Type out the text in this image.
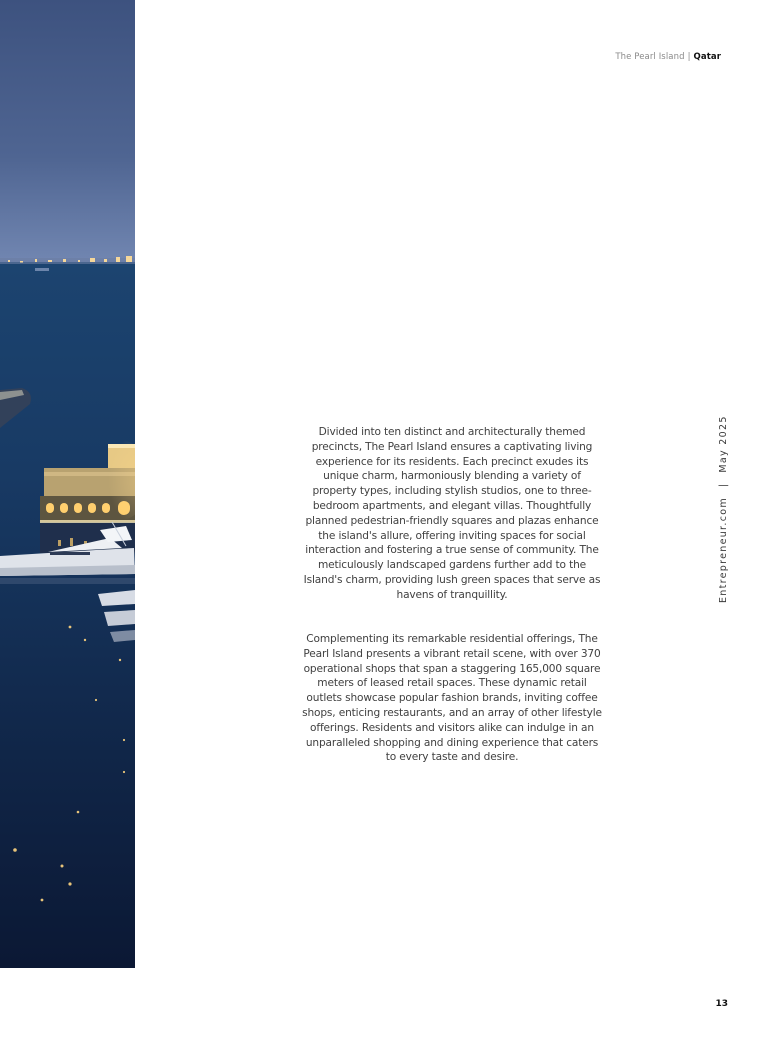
The Pearl Island | Qatar
Entrepreneur.com|May 2025

Divided into ten distinct and architecturally themed precincts, The Pearl Island ensures a captivating living experience for its residents. Each precinct exudes its unique charm, harmoniously blending a variety of property types, including stylish studios, one to three-bedroom apartments, and elegant villas. Thoughtfully planned pedestrian-friendly squares and plazas enhance the island's allure, offering inviting spaces for social interaction and fostering a true sense of community. The meticulously landscaped gardens further add to the Island's charm, providing lush green spaces that serve as havens of tranquillity.

Complementing its remarkable residential offerings, The Pearl Island presents a vibrant retail scene, with over 370 operational shops that span a staggering 165,000 square meters of leased retail spaces. These dynamic retail outlets showcase popular fashion brands, inviting coffee shops, enticing restaurants, and an array of other lifestyle offerings. Residents and visitors alike can indulge in an unparalleled shopping and dining experience that caters to every taste and desire.

13
